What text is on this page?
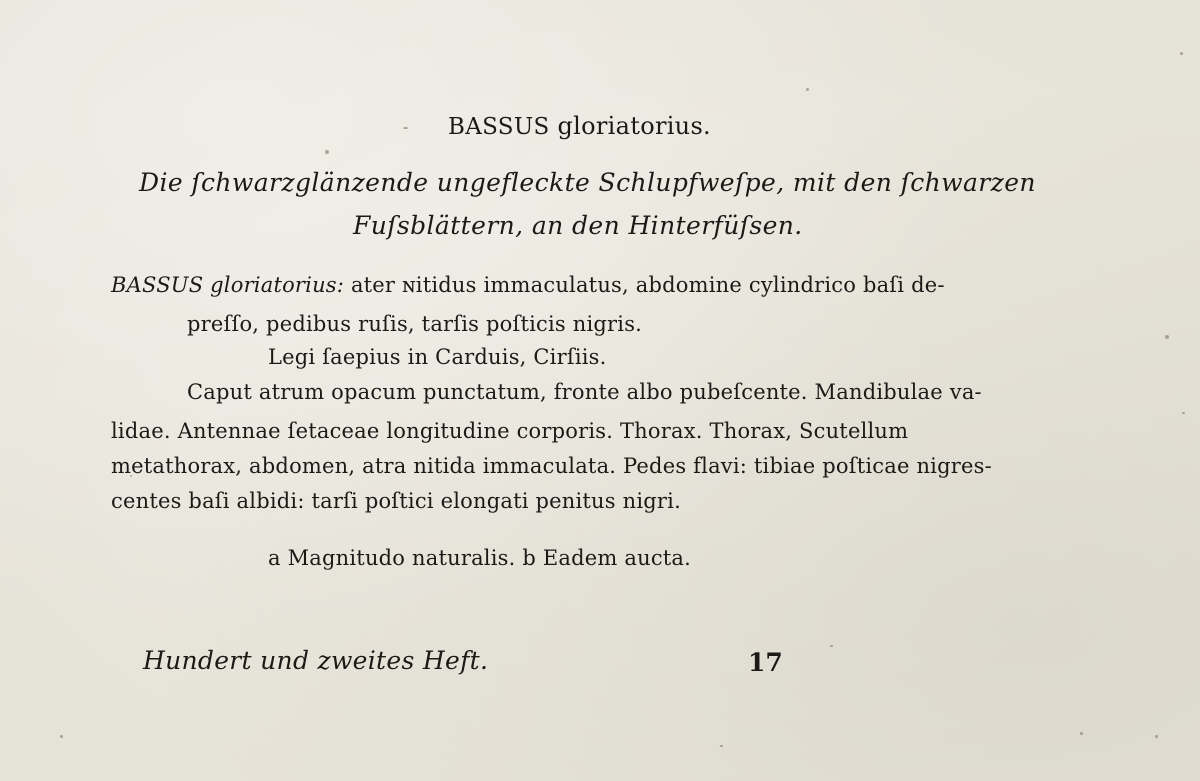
BASSUS gloriatorius.
Die ſchwarzglänzende ungefleckte Schlupfweſpe, mit den ſchwarzen
Fuſsblättern, an den Hinterfüſsen.
BASSUS gloriatorius: ater ɴitidus immaculatus, abdomine cylindrico baſi de-
preſſo, pedibus ruſis, tarſis poſticis nigris.
Legi ſaepius in Carduis, Cirſiis.
Caput atrum opacum punctatum, fronte albo pubeſcente. Mandibulae va-
lidae. Antennae ſetaceae longitudine corporis. Thorax. Thorax, Scutellum
metathorax, abdomen, atra nitida immaculata. Pedes flavi: tibiae poſticae nigres-
centes baſi albidi: tarſi poſtici elongati penitus nigri.
a Magnitudo naturalis. b Eadem aucta.
Hundert und zweites Heft.	17
